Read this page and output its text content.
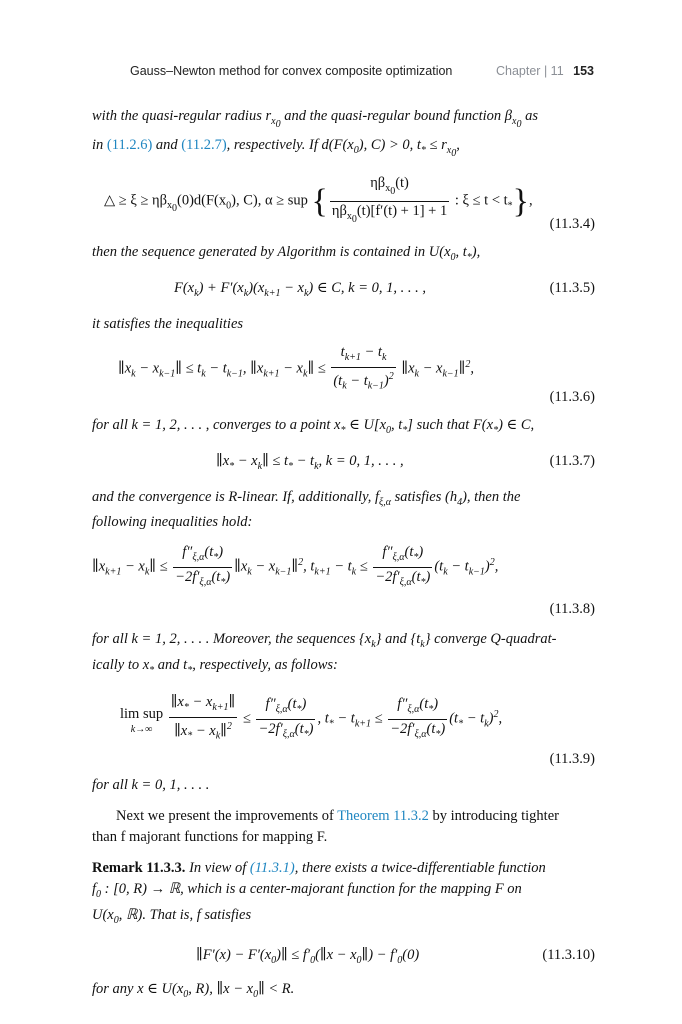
Gauss–Newton method for convex composite optimization	Chapter | 11 153

with the quasi-regular radius $r_{x_0}$ and the quasi-regular bound function $\beta_{x_0}$ as
in (11.2.6) and (11.2.7), respectively. If $d(F(x_0)$, C) > 0, $t_* \le r_{x_0}$,

△ ≥ $\xi \ge \eta\beta_{x_0}(0)d(F(x_0)$, C), α ≥ sup { $\frac{\eta\beta_{x_0}(t)}{\eta\beta_{x_0}(t)[f'(t) + 1] + 1}$ : $\xi \le t < t_*$},
(11.3.4)

then the sequence generated by Algorithm is contained in $U(x_0$, $t_*$),

$F(x_k) + F'(x_k)(x_{k+1} - x_k)$ ∈ C, k = 0, 1, . . . ,	(11.3.5)

it satisfies the inequalities

$\parallel x_k$ − $x_{k-1}\parallel \le t_k - t_{k-1}$, $\parallel x_{k+1}$ − $x_k\parallel \le \frac{t_{k+1} - t_k}{(t_k - t_{k-1})^2}$ $\parallel x_k$ − $x_{k-1}\parallel^2$,
(11.3.6)

for all k = 1, 2, . . . , converges to a point $x_*$ ∈ $U[x_0$, $t_*$] such that $F(x_*)$ ∈ C,

$\parallel x_*$ − $x_k\parallel \le t_* - t_k$, k = 0, 1, . . . ,	(11.3.7)

and the convergence is R-linear. If, additionally, $f_{\xi,\alpha}$ satisfies $(h_4)$, then the
following inequalities hold:

$\parallel x_{k+1}$ − $x_k\parallel \le \frac{f''_{\xi,\alpha}(t_*)}{-2f'_{\xi,\alpha}(t_*)}$ $\parallel x_k$ − $x_{k-1}\parallel^2$, $t_{k+1} - t_k \le \frac{f''_{\xi,\alpha}(t_*)}{-2f'_{\xi,\alpha}(t_*)} (t_k - t_{k-1})^2$,
(11.3.8)

for all k = 1, 2, . . . . Moreover, the sequences $\{x_k\}$ and $\{t_k\}$ converge Q-quadrat-
ically to $x_*$ and $t_*$, respectively, as follows:

lim sup
k→∞
	$\frac{\parallel x_* - x_{k+1}\parallel}{\parallel x_* - x_k\parallel^2} \le \frac{f''_{\xi,\alpha}(t_*)}{-2f'_{\xi,\alpha}(t_*)}$ , $t_* - t_{k+1} \le \frac{f''_{\xi,\alpha}(t_*)}{-2f'_{\xi,\alpha}(t_*)} (t_* - t_k)^2$,
(11.3.9)

for all k = 0, 1, . . . .

Next we present the improvements of Theorem 11.3.2 by introducing tighter
than f majorant functions for mapping F.

Remark 11.3.3. In view of (11.3.1), there exists a twice-differentiable function
$f_0$ : [0, R) → ℝ, which is a center-majorant function for the mapping F on
$U(x_0$, ℝ). That is, f satisfies

∥F′(x) − $F'(x_0)\parallel$ ≤ $f'_0(\parallel x$ − $x_0\parallel) - f'_0(0)$	(11.3.10)

for any x ∈ $U(x_0$, R), ∥x − $x_0\parallel < R$.
